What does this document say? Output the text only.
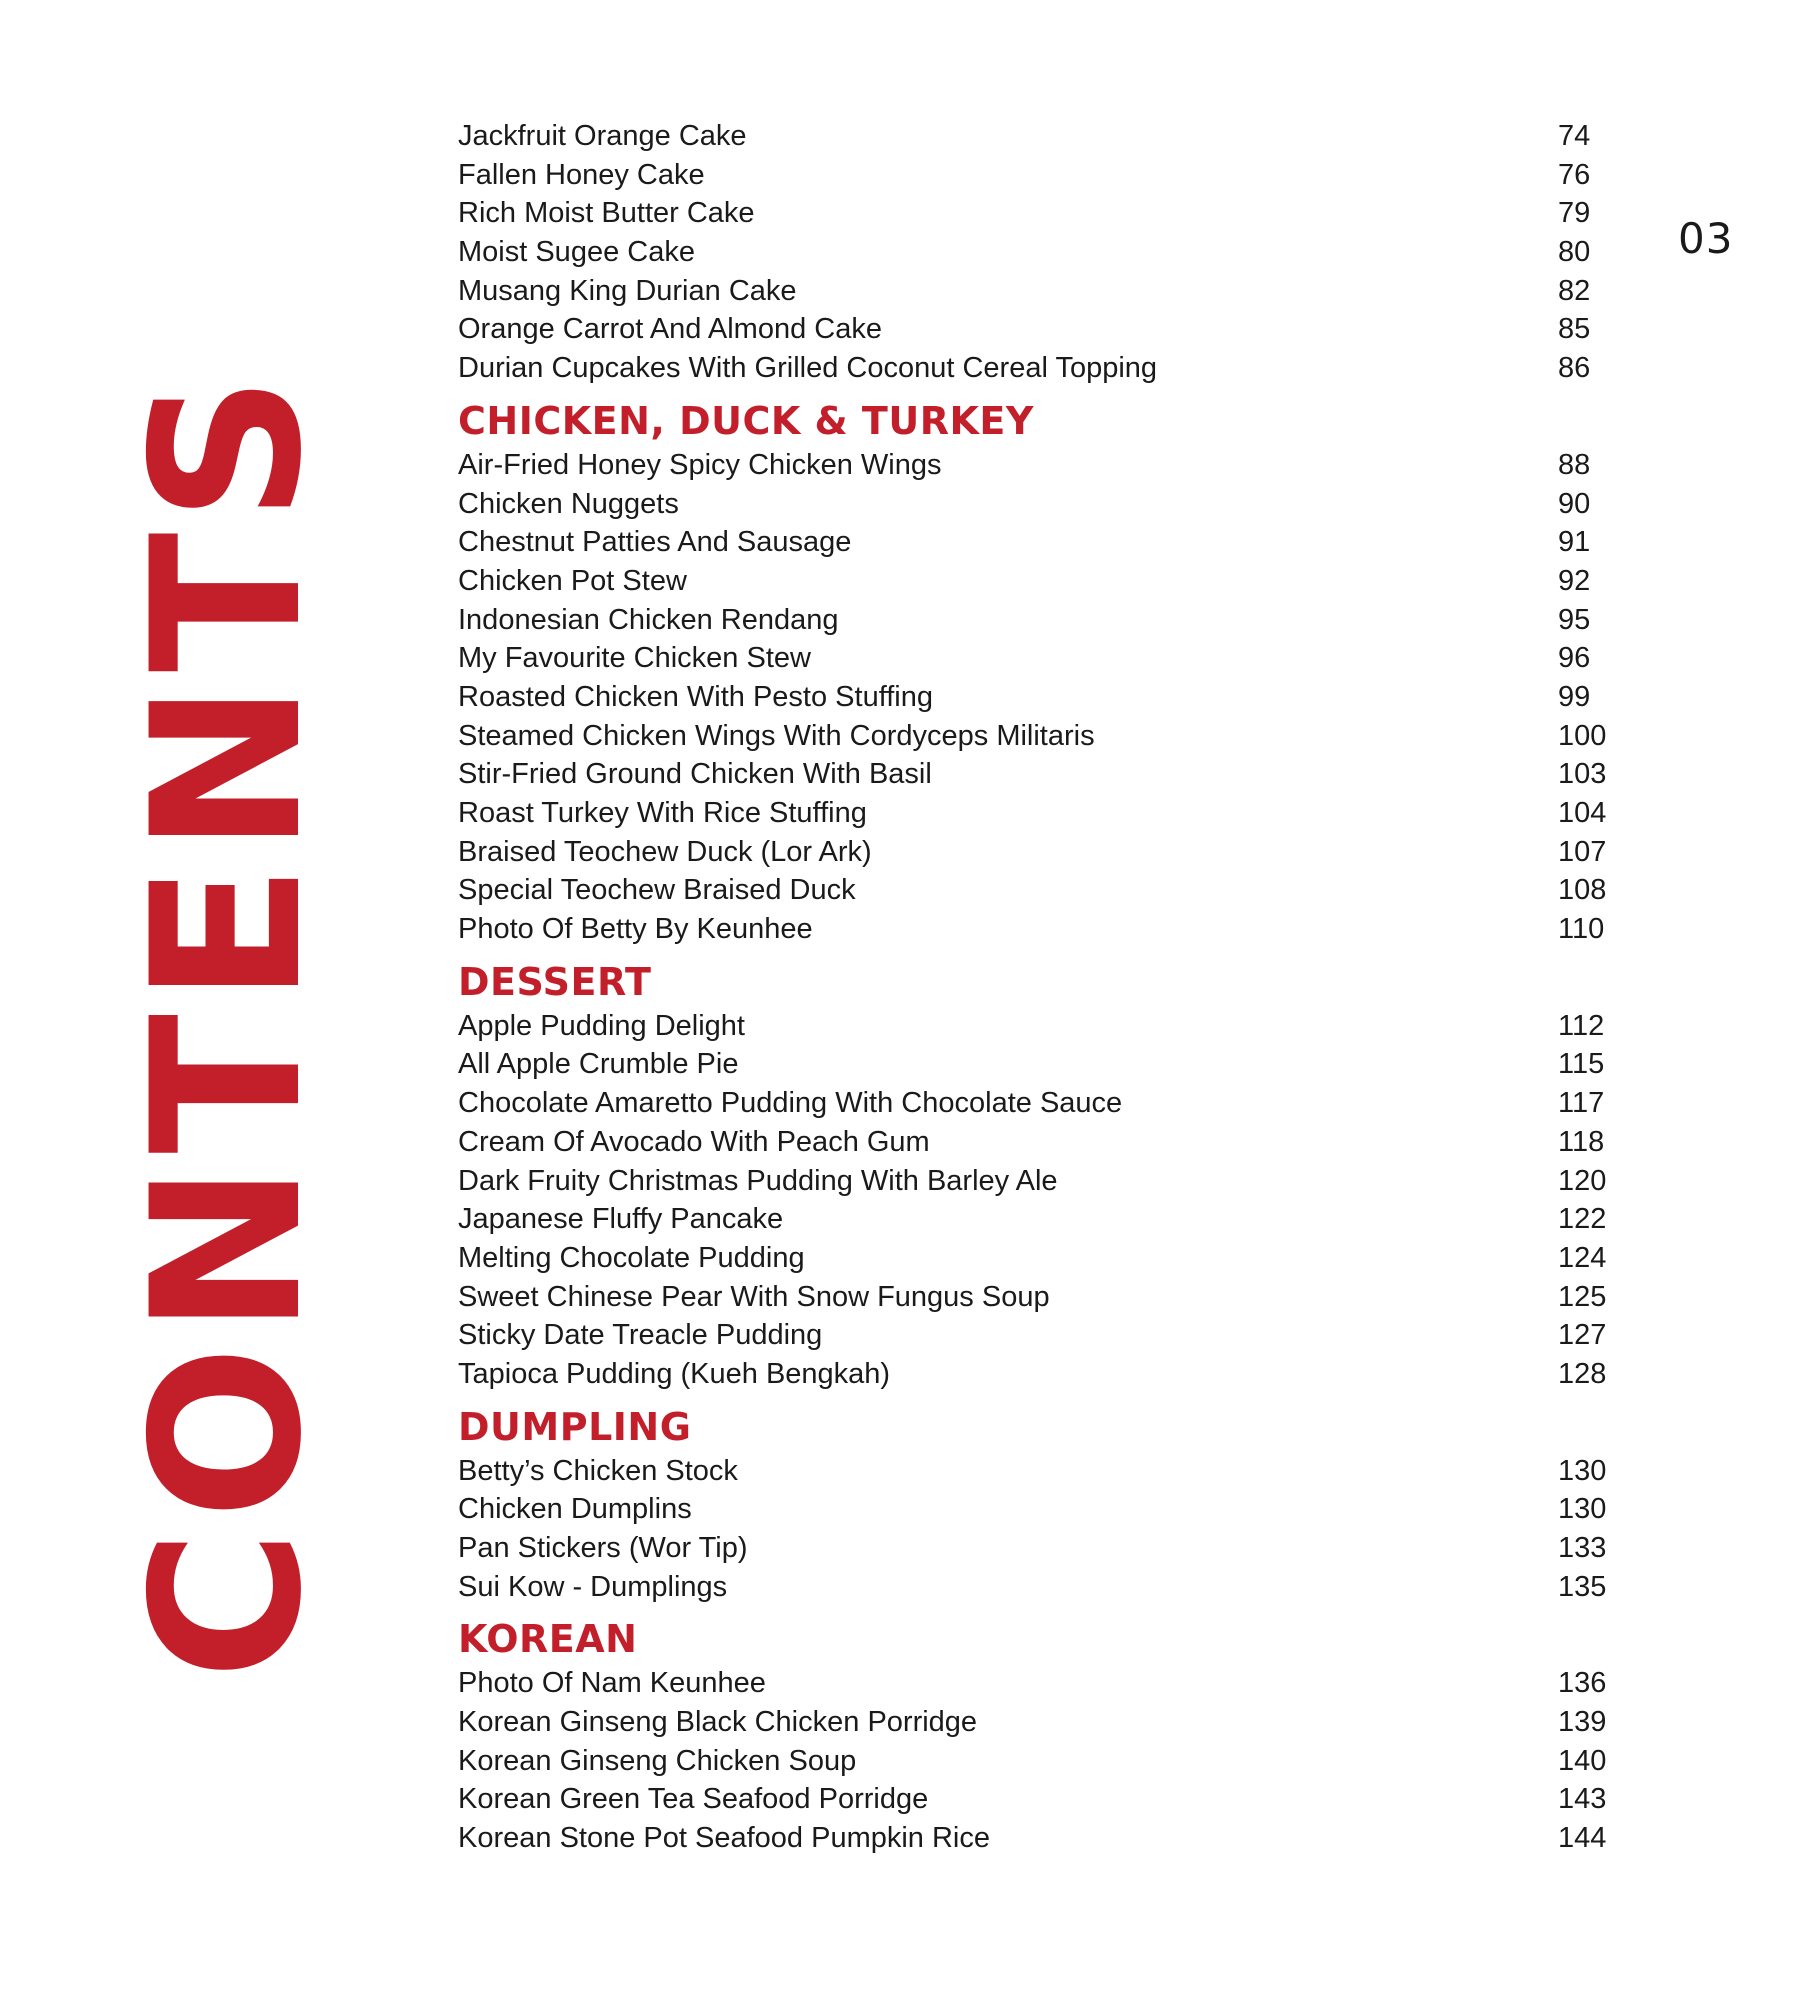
CONTENTS
03
Jackfruit Orange Cake	74
Fallen Honey Cake	76
Rich Moist Butter Cake	79
Moist Sugee Cake	80
Musang King Durian Cake	82
Orange Carrot And Almond Cake	85
Durian Cupcakes With Grilled Coconut Cereal Topping	86
CHICKEN, DUCK & TURKEY
Air-Fried Honey Spicy Chicken Wings	88
Chicken Nuggets	90
Chestnut Patties And Sausage	91
Chicken Pot Stew	92
Indonesian Chicken Rendang	95
My Favourite Chicken Stew	96
Roasted Chicken With Pesto Stuffing	99
Steamed Chicken Wings With Cordyceps Militaris	100
Stir-Fried Ground Chicken With Basil	103
Roast Turkey With Rice Stuffing	104
Braised Teochew Duck (Lor Ark)	107
Special Teochew Braised Duck	108
Photo Of Betty By Keunhee	110
DESSERT
Apple Pudding Delight	112
All Apple Crumble Pie	115
Chocolate Amaretto Pudding With Chocolate Sauce	117
Cream Of Avocado With Peach Gum	118
Dark Fruity Christmas Pudding With Barley Ale	120
Japanese Fluffy Pancake	122
Melting Chocolate Pudding	124
Sweet Chinese Pear With Snow Fungus Soup	125
Sticky Date Treacle Pudding	127
Tapioca Pudding (Kueh Bengkah)	128
DUMPLING
Betty’s Chicken Stock	130
Chicken Dumplins	130
Pan Stickers (Wor Tip)	133
Sui Kow - Dumplings	135
KOREAN
Photo Of Nam Keunhee	136
Korean Ginseng Black Chicken Porridge	139
Korean Ginseng Chicken Soup	140
Korean Green Tea Seafood Porridge	143
Korean Stone Pot Seafood Pumpkin Rice	144
